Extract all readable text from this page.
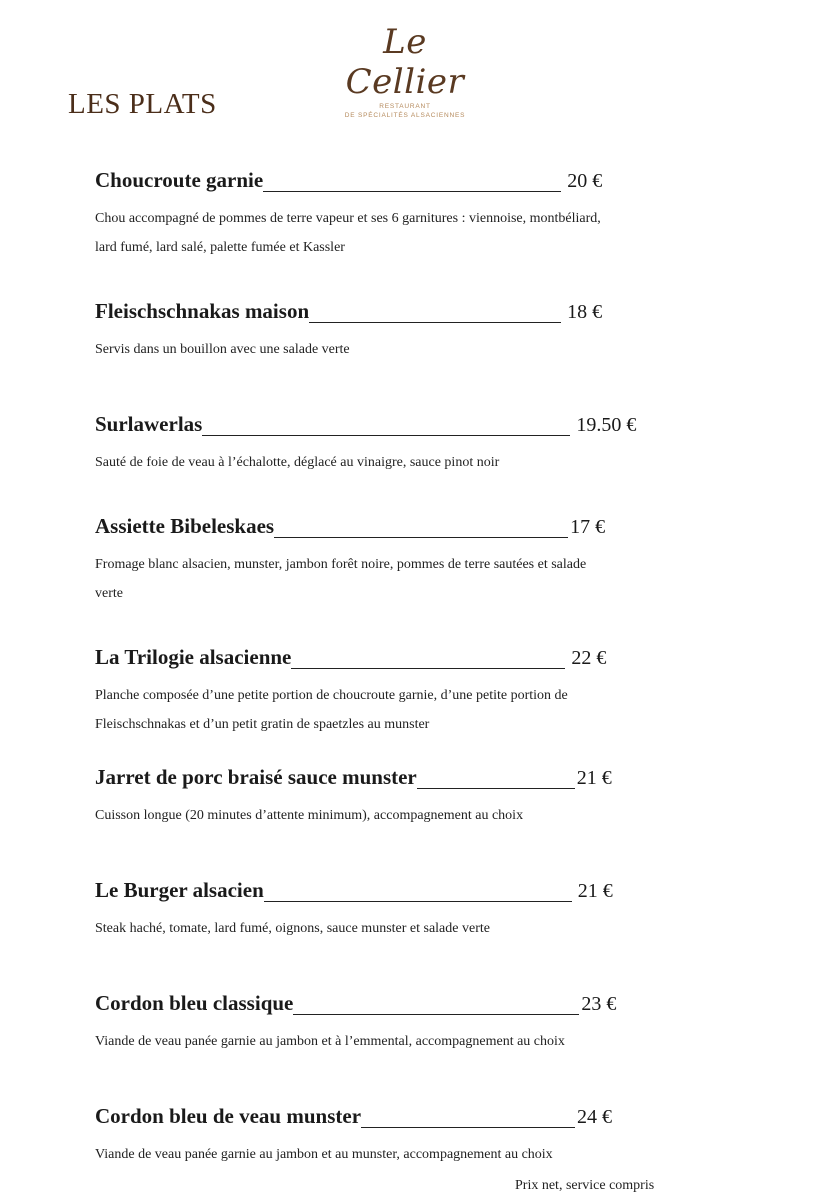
Le Cellier
RESTAURANT
DE SPÉCIALITÉS ALSACIENNES
LES PLATS
Choucroute garnie	20 €

Chou accompagné de pommes de terre vapeur et ses 6 garnitures : viennoise, montbéliard, lard fumé, lard salé, palette fumée et Kassler

Fleischschnakas maison	18 €

Servis dans un bouillon avec une salade verte

Surlawerlas	19.50 €

Sauté de foie de veau à l’échalotte, déglacé au vinaigre, sauce pinot noir

Assiette Bibeleskaes	17 €

Fromage blanc alsacien, munster, jambon forêt noire, pommes de terre sautées et salade verte

La Trilogie alsacienne	22 €

Planche composée d’une petite portion de choucroute garnie, d’une petite portion de Fleischschnakas et d’un petit gratin de spaetzles au munster

Jarret de porc braisé sauce munster	21 €

Cuisson longue (20 minutes d’attente minimum), accompagnement au choix

Le Burger alsacien	21 €

Steak haché, tomate, lard fumé, oignons, sauce munster et salade verte

Cordon bleu classique	23 €

Viande de veau panée garnie au jambon et à l’emmental, accompagnement au choix

Cordon bleu de veau munster	24 €

Viande de veau panée garnie au jambon et au munster, accompagnement au choix

Prix net, service compris
